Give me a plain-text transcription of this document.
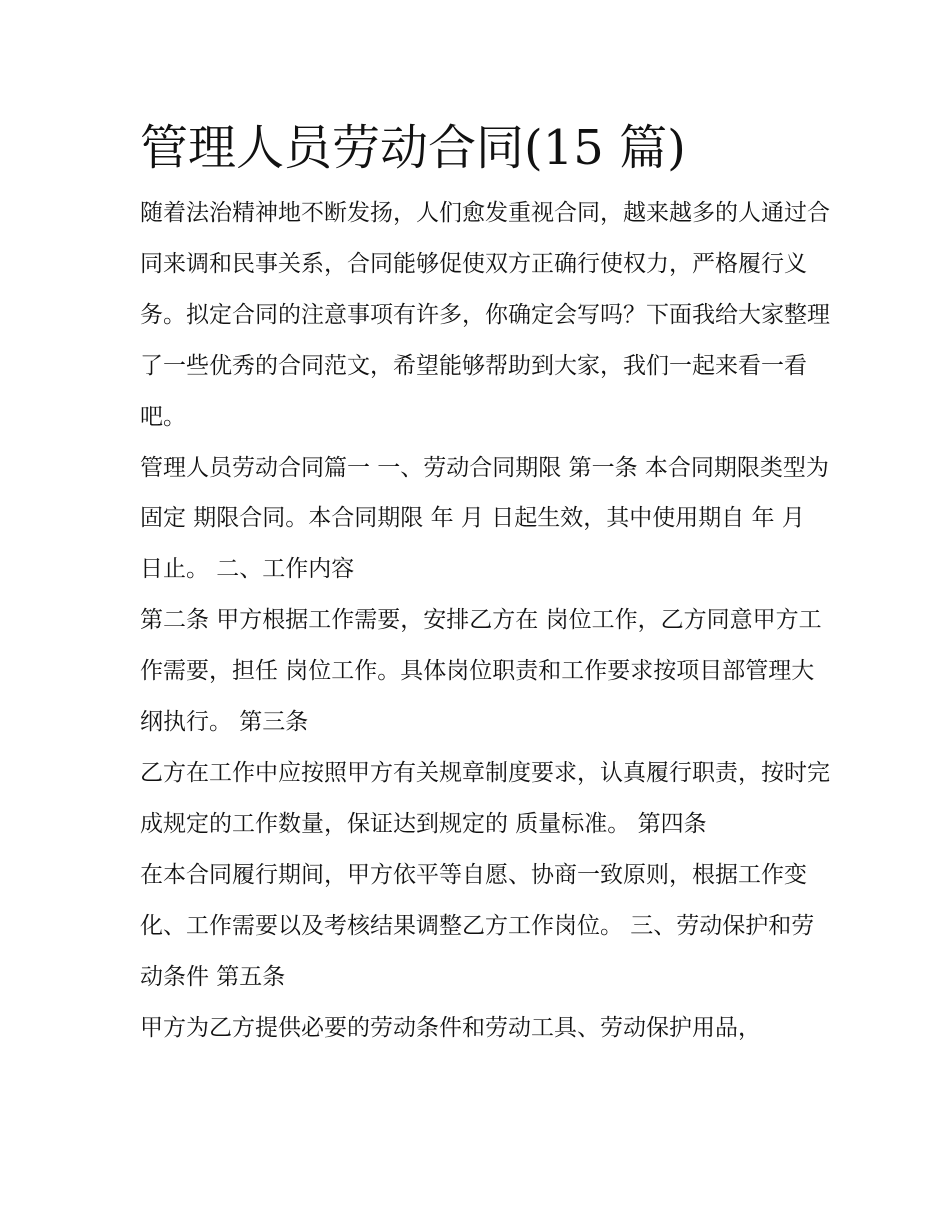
管理人员劳动合同(15 篇)

随着法治精神地不断发扬，人们愈发重视合同，越来越多的人通过合同来调和民事关系，合同能够促使双方正确行使权力，严格履行义务。拟定合同的注意事项有许多，你确定会写吗？下面我给大家整理了一些优秀的合同范文，希望能够帮助到大家，我们一起来看一看吧。

管理人员劳动合同篇一 一、劳动合同期限 第一条 本合同期限类型为 固定 期限合同。本合同期限 年 月 日起生效，其中使用期自 年 月 日止。 二、工作内容

第二条 甲方根据工作需要，安排乙方在 岗位工作，乙方同意甲方工作需要，担任 岗位工作。具体岗位职责和工作要求按项目部管理大纲执行。 第三条

乙方在工作中应按照甲方有关规章制度要求，认真履行职责，按时完成规定的工作数量，保证达到规定的 质量标准。 第四条

在本合同履行期间，甲方依平等自愿、协商一致原则，根据工作变化、工作需要以及考核结果调整乙方工作岗位。 三、劳动保护和劳动条件 第五条

甲方为乙方提供必要的劳动条件和劳动工具、劳动保护用品，
